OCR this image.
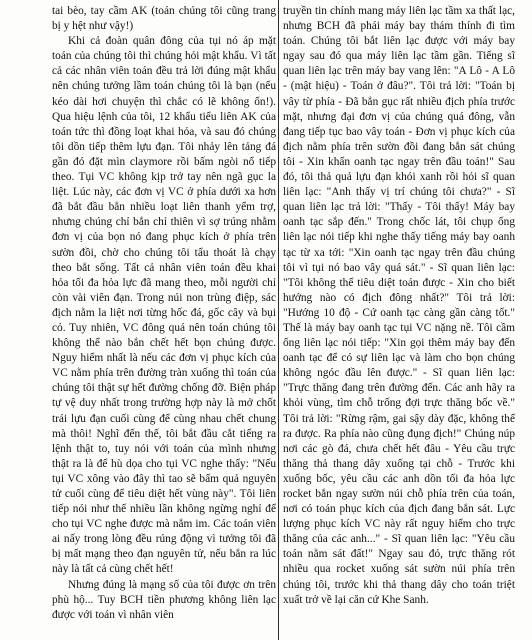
tai bèo, tay cầm AK (toán chúng tôi cũng trang bị y hệt như vậy!)

Khi cả đoàn quân đông của tụi nó áp mặt toán của chúng tôi thì chúng hỏi mật khẩu. Vì tất cả các nhân viên toán đều trả lời đúng mật khẩu nên chúng tưởng lầm toán chúng tôi là bạn (nếu kéo dài hơi chuyện thì chắc có lẽ không ổn!). Qua hiệu lệnh của tôi, 12 khẩu tiểu liên AK của toán tức thì đồng loạt khai hỏa, và sau đó chúng tôi dồn tiếp thêm lựu đạn. Tôi nhảy lên tảng đá gần đó đặt mìn claymore rồi bấm ngòi nổ tiếp theo. Tụi VC không kịp trở tay nên ngã gục la liệt. Lúc này, các đơn vị VC ở phía dưới xa hơn đã bắt đầu bắn nhiều loạt liên thanh yểm trợ, nhưng chúng chỉ bắn chỉ thiên vì sợ trúng nhằm đơn vị của bọn nó đang phục kích ở phía trên sườn đồi, chờ cho chúng tôi tẩu thoát là chạy theo bắt sống. Tất cả nhân viên toán đều khai hỏa tối đa hỏa lực đã mang theo, mỗi người chỉ còn vài viên đạn. Trong núi non trùng điệp, sác địch nằm la liệt nơi từng hốc đá, gốc cây và bụi cỏ. Tuy nhiên, VC đông quá nên toán chúng tôi không thể nào bắn chết hết bọn chúng được. Nguy hiểm nhất là nếu các đơn vị phục kích của VC nằm phía trên đường tràn xuống thì toán của chúng tôi thật sự hết đường chống đỡ. Biện pháp tự vệ duy nhất trong trường hợp này là mở chốt trái lựu đạn cuối cùng để cùng nhau chết chung mà thôi! Nghĩ đến thế, tôi bắt đầu cắt tiếng ra lệnh thật to, tuy nói với toán của mình nhưng thật ra là để hù dọa cho tụi VC nghe thấy: "Nếu tụi VC xông vào đây thì tao sẽ bấm quả nguyên tử cuối cùng để tiêu diệt hết vùng này". Tôi liên tiếp nói như thế nhiều lần không ngừng nghỉ để cho tụi VC nghe được mà nắm im. Các toán viên ai nấy trong lòng đều rúng động vì tưởng tôi đã bị mất mạng theo đạn nguyên tử, nếu bắn ra lúc này là tất cả cùng chết hết!

Nhưng đúng là mạng số của tôi được ơn trên phù hộ... Tuy BCH tiền phương không liên lạc được với toán vì nhân viên

truyền tin chính mang máy liên lạc tầm xa thất lạc, nhưng BCH đã phái máy bay thám thính đi tìm toán. Chúng tôi bắt liên lạc được với máy bay ngay sau đó qua máy liên lạc tầm gần. Tiếng sĩ quan liên lạc trên máy bay vang lên: "A Lô - A Lô - (mật hiệu) - Toán ở đâu?". Tôi trả lời: "Toán bị vây từ phía - Đã bắn gục rất nhiều địch phía trước mặt, nhưng đại đơn vị của chúng quá đông, vẫn đang tiếp tục bao vây toán - Đơn vị phục kích của địch nằm phía trên sườn đồi đang bắn sát chúng tôi - Xin khẩn oanh tạc ngay trên đầu toán!" Sau đó, tôi thả quả lựu đạn khói xanh rồi hỏi sĩ quan liên lạc: "Anh thấy vị trí chúng tôi chưa?" - Sĩ quan liên lạc trả lời: "Thấy - Tôi thấy! Máy bay oanh tạc sắp đến." Trong chốc lát, tôi chụp ống liên lạc nói tiếp khi nghe thấy tiếng máy bay oanh tạc từ xa tới: "Xin oanh tạc ngay trên đầu chúng tôi vì tụi nó bao vây quá sát." - Sĩ quan liên lạc: "Tôi không thể tiêu diệt toán được - Xin cho biết hướng nào có địch đông nhất?" Tôi trả lời: "Hướng 10 độ - Cứ oanh tạc càng gần càng tốt." Thế là máy bay oanh tạc tụi VC nặng nề. Tôi cầm ống liên lạc nói tiếp: "Xin gọi thêm máy bay đến oanh tạc để có sự liên lạc và làm cho bọn chúng không ngóc đầu lên được." - Sĩ quan liên lạc: "Trực thăng đang trên đường đến. Các anh hãy ra khỏi vùng, tìm chỗ trống đợi trực thăng bốc về." Tôi trả lời: "Rừng rậm, gai sậy dày đặc, không thể ra được. Ra phía nào cũng đụng địch!" Chúng núp nơi các gò đá, chưa chết hết đâu - Yêu cầu trực thăng thả thang dây xuống tại chỗ - Trước khi xuống bốc, yêu cầu các anh dồn tối đa hỏa lực rocket bắn ngay sườn núi chỗ phía trên của toán, nơi có toán phục kích của địch đang bắn sát. Lực lượng phục kích VC này rất nguy hiểm cho trực thăng của các anh..." - Sĩ quan liên lạc: "Yêu cầu toán nằm sát đất!" Ngay sau đó, trực thăng rót nhiều qua rocket xuống sát sườn núi phía trên chúng tôi, trước khi thả thang dây cho toán triệt xuất trở về lại căn cứ Khe Sanh.
